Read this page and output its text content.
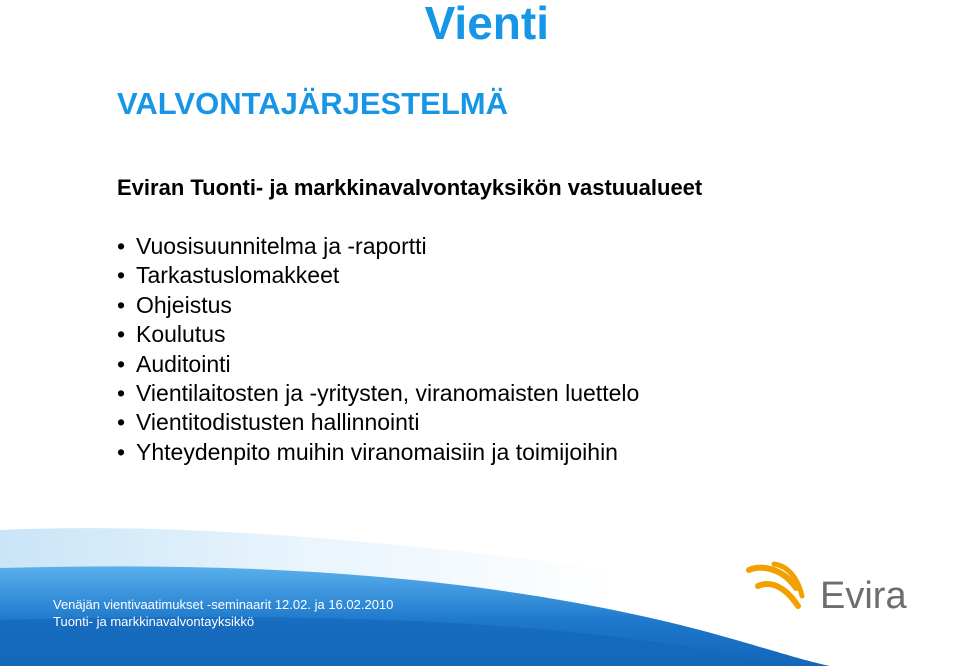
Vienti
VALVONTAJÄRJESTELMÄ
Eviran Tuonti- ja markkinavalvontayksikön vastuualueet
• Vuosisuunnitelma ja -raportti
• Tarkastuslomakkeet
• Ohjeistus
• Koulutus
• Auditointi
• Vientilaitosten ja -yritysten, viranomaisten luettelo
• Vientitodistusten hallinnointi
• Yhteydenpito muihin viranomaisiin ja toimijoihin
Venäjän vientivaatimukset -seminaarit 12.02. ja 16.02.2010
Tuonti- ja markkinavalvontayksikkö
Evira
